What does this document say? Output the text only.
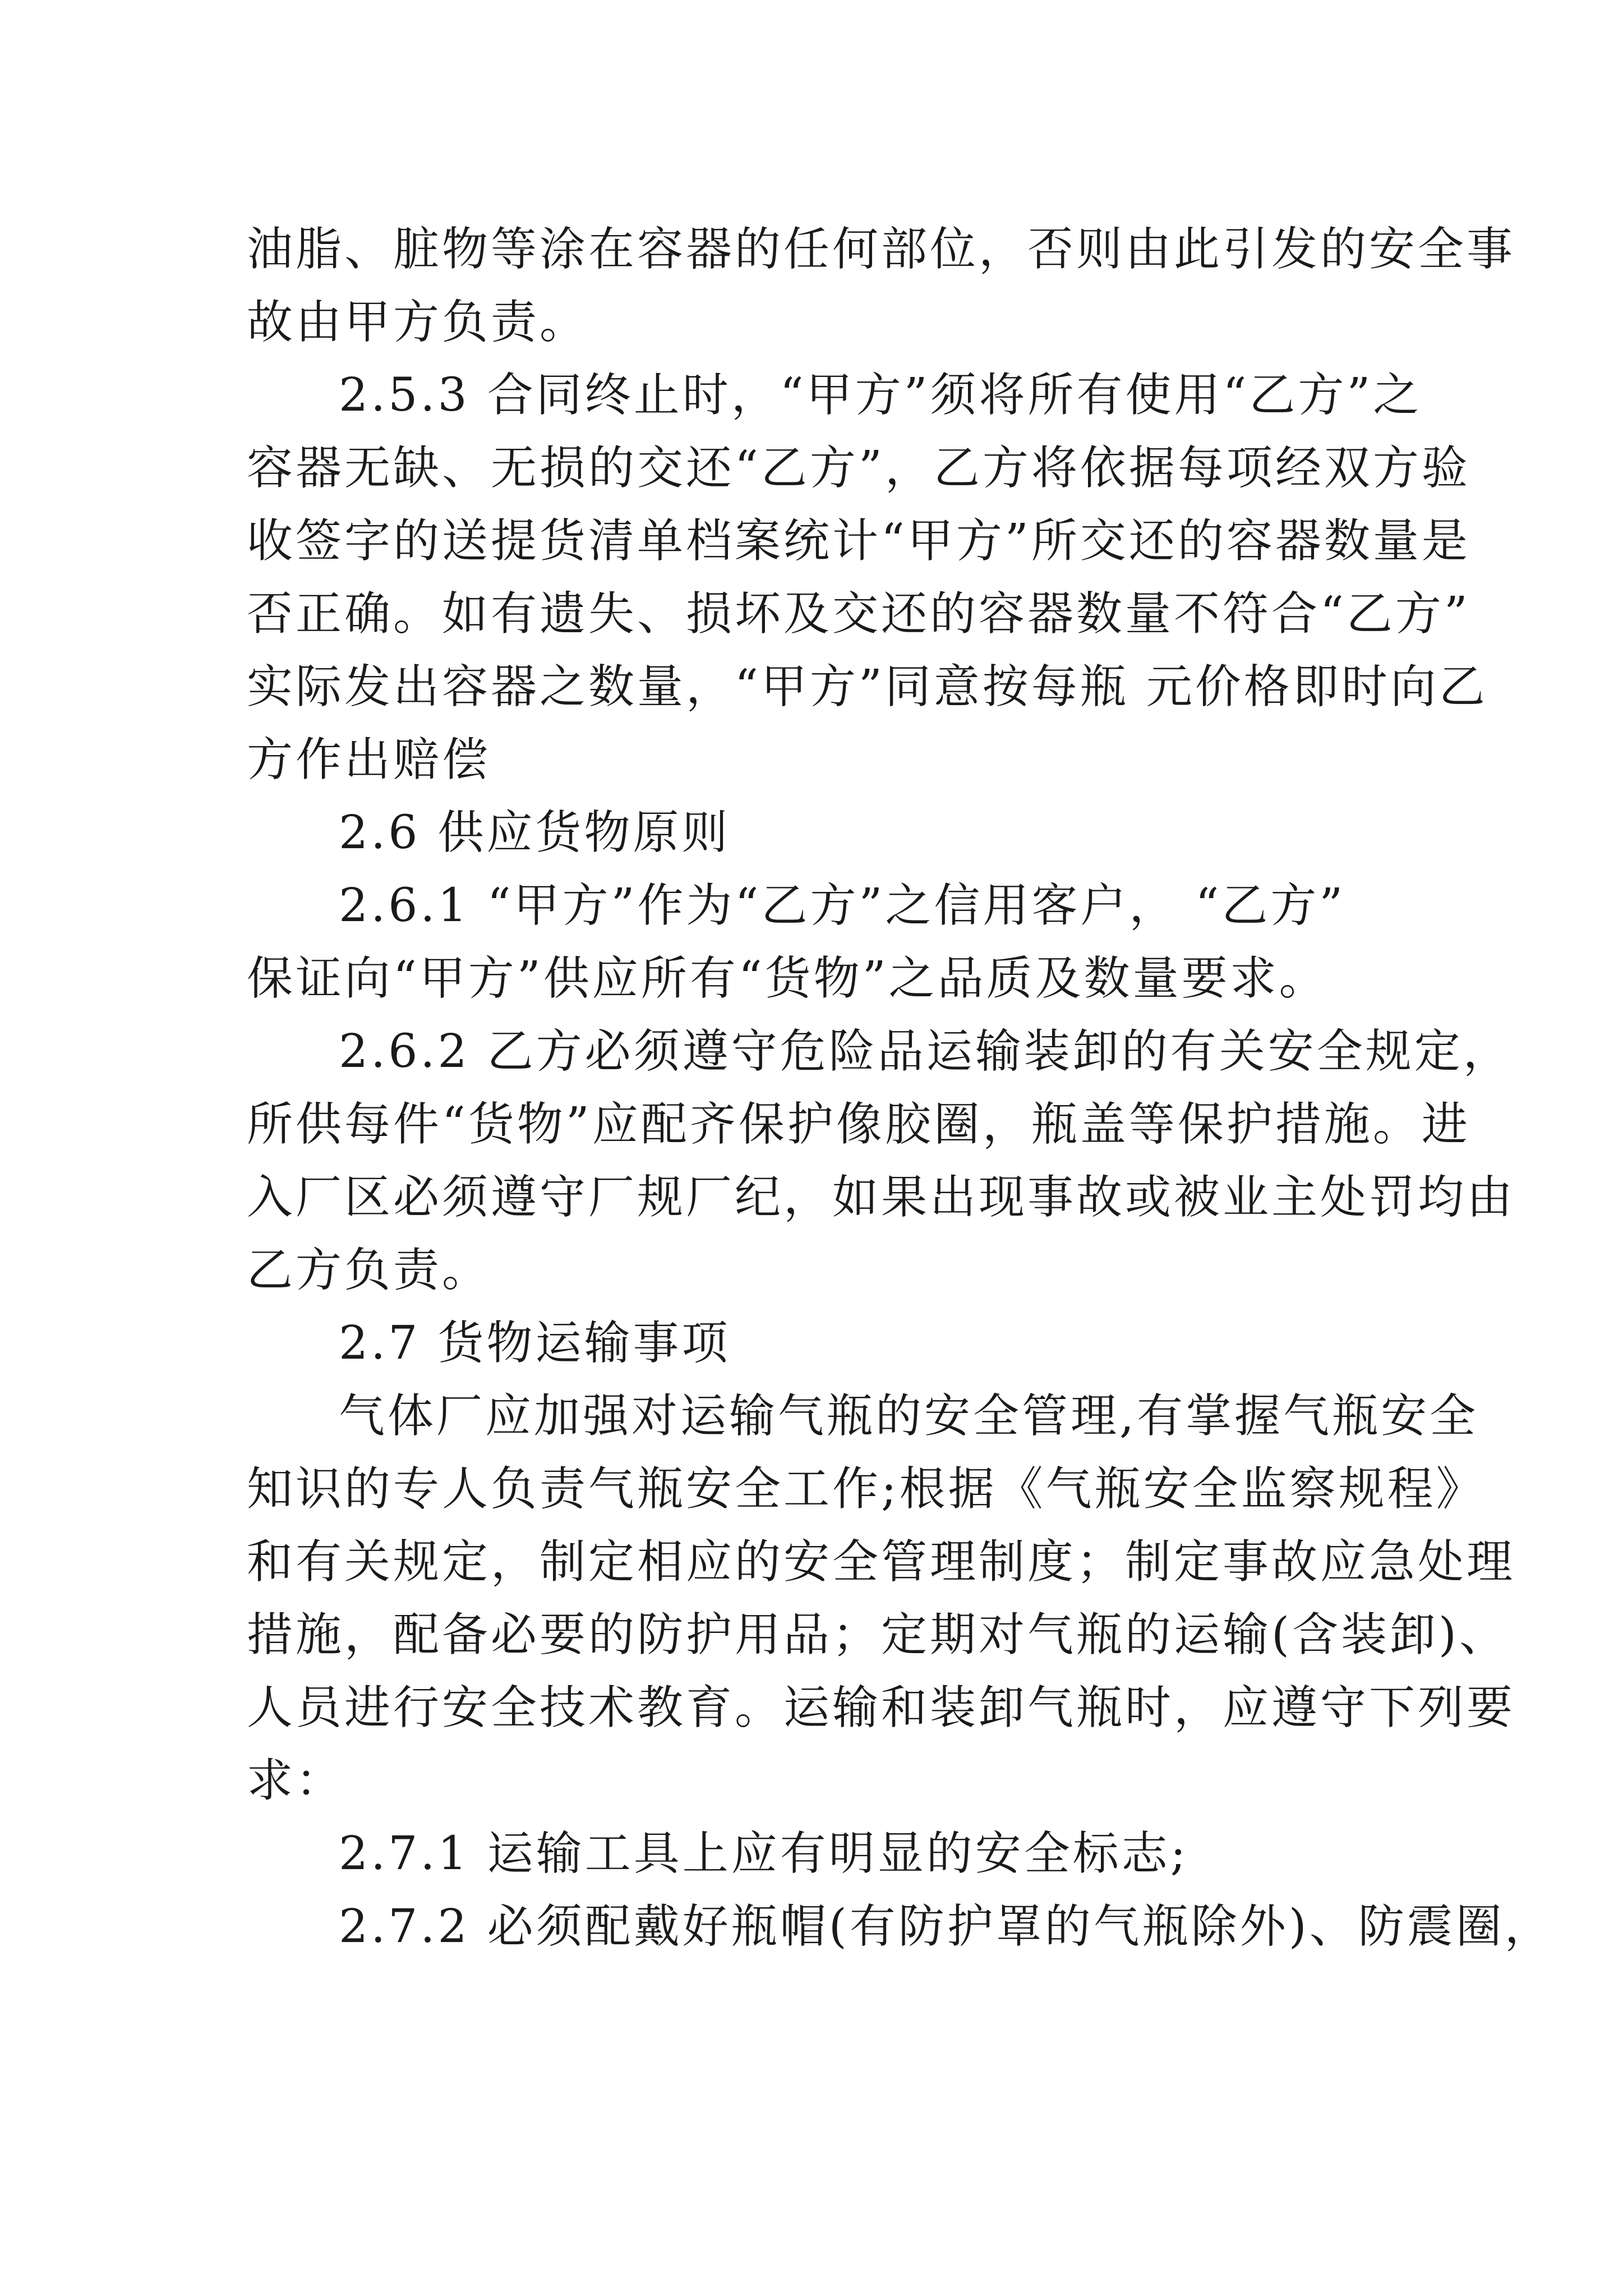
油脂、脏物等涂在容器的任何部位，否则由此引发的安全事
故由甲方负责。
2.5.3 合同终止时，“甲方”须将所有使用“乙方”之
容器无缺、无损的交还“乙方”，乙方将依据每项经双方验
收签字的送提货清单档案统计“甲方”所交还的容器数量是
否正确。如有遗失、损坏及交还的容器数量不符合“乙方”
实际发出容器之数量，“甲方”同意按每瓶 元价格即时向乙
方作出赔偿
2.6 供应货物原则
2.6.1 “甲方”作为“乙方”之信用客户， “乙方”
保证向“甲方”供应所有“货物”之品质及数量要求。
2.6.2 乙方必须遵守危险品运输装卸的有关安全规定，
所供每件“货物”应配齐保护像胶圈，瓶盖等保护措施。进
入厂区必须遵守厂规厂纪，如果出现事故或被业主处罚均由
乙方负责。
2.7 货物运输事项
气体厂应加强对运输气瓶的安全管理,有掌握气瓶安全
知识的专人负责气瓶安全工作;根据《气瓶安全监察规程》
和有关规定，制定相应的安全管理制度；制定事故应急处理
措施，配备必要的防护用品；定期对气瓶的运输(含装卸)、
人员进行安全技术教育。运输和装卸气瓶时，应遵守下列要
求：
2.7.1 运输工具上应有明显的安全标志;
2.7.2 必须配戴好瓶帽(有防护罩的气瓶除外)、防震圈，
